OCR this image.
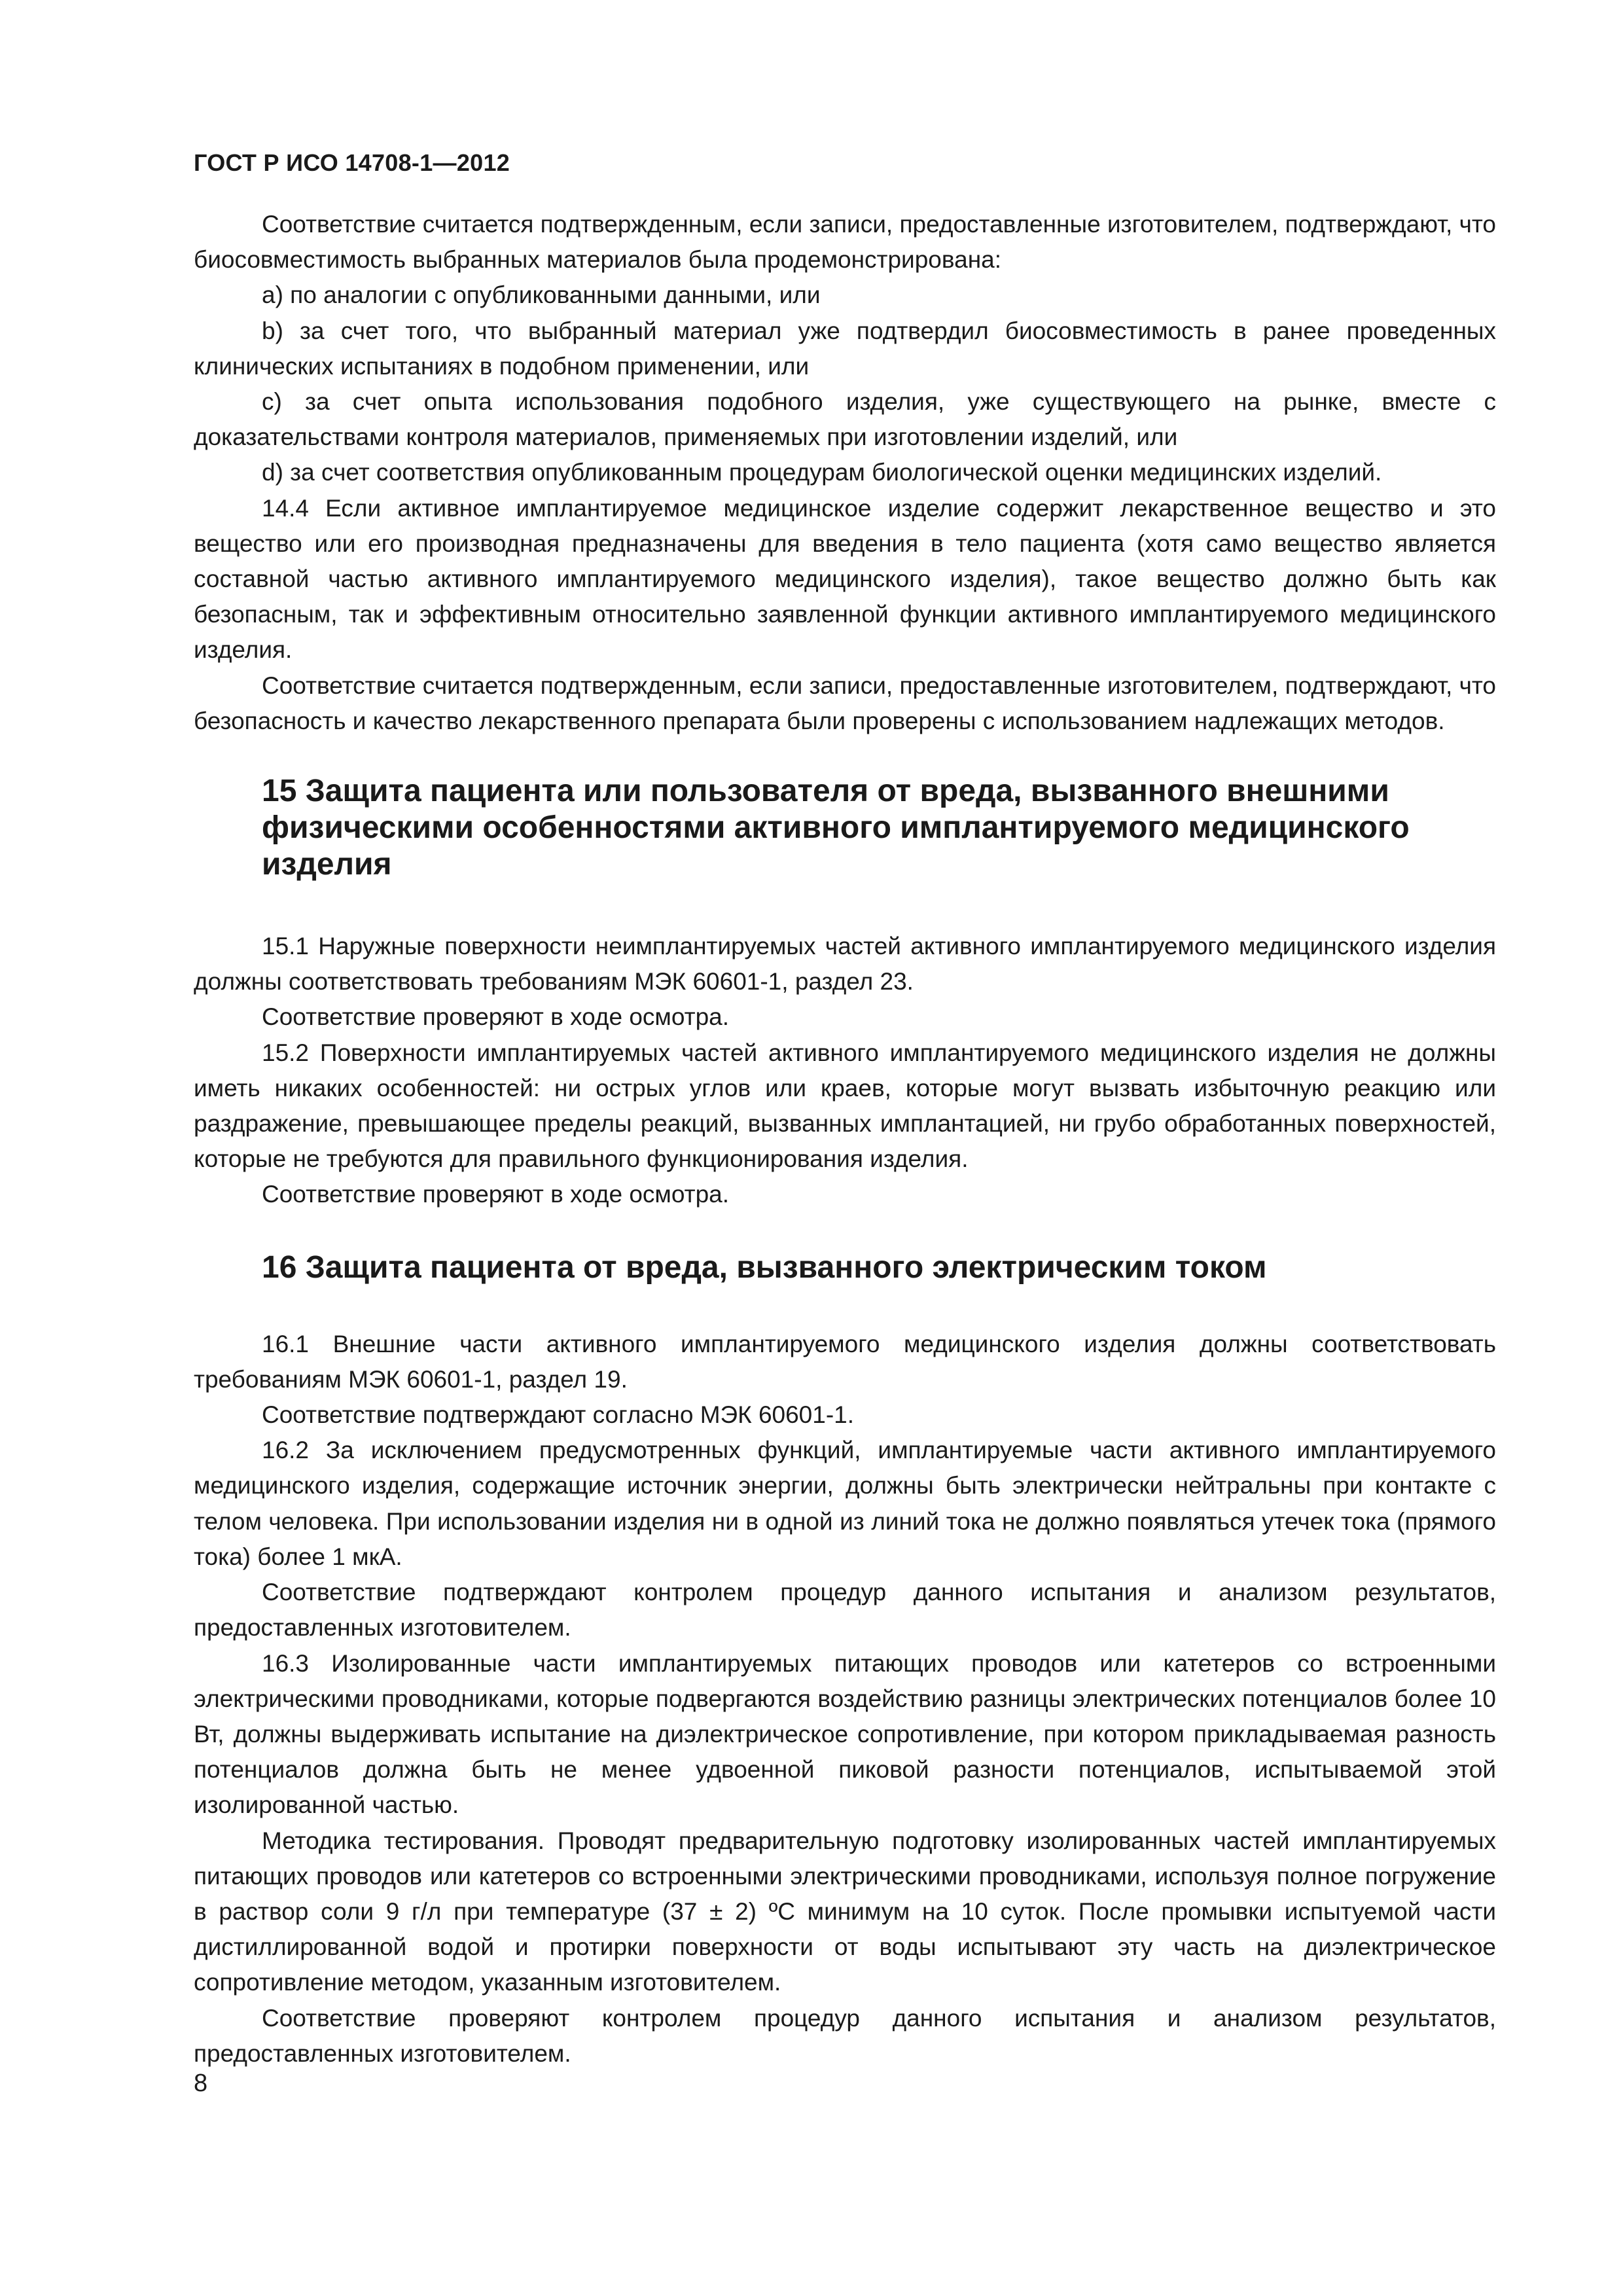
ГОСТ Р ИСО 14708-1—2012

Соответствие считается подтвержденным, если записи, предоставленные изготовителем, подтверждают, что биосовместимость выбранных материалов была продемонстрирована:

a) по аналогии с опубликованными данными, или

b) за счет того, что выбранный материал уже подтвердил биосовместимость в ранее проведенных клинических испытаниях в подобном применении, или

c) за счет опыта использования подобного изделия, уже существующего на рынке, вместе с доказательствами контроля материалов, применяемых при изготовлении изделий, или

d) за счет соответствия опубликованным процедурам биологической оценки медицинских изделий.

14.4 Если активное имплантируемое медицинское изделие содержит лекарственное вещество и это вещество или его производная предназначены для введения в тело пациента (хотя само вещество является составной частью активного имплантируемого медицинского изделия), такое вещество должно быть как безопасным, так и эффективным относительно заявленной функции активного имплантируемого медицинского изделия.

Соответствие считается подтвержденным, если записи, предоставленные изготовителем, подтверждают, что безопасность и качество лекарственного препарата были проверены с использованием надлежащих методов.

15 Защита пациента или пользователя от вреда, вызванного внешними физическими особенностями активного имплантируемого медицинского изделия

15.1 Наружные поверхности неимплантируемых частей активного имплантируемого медицинского изделия должны соответствовать требованиям МЭК 60601-1, раздел 23.

Соответствие проверяют в ходе осмотра.

15.2 Поверхности имплантируемых частей активного имплантируемого медицинского изделия не должны иметь никаких особенностей: ни острых углов или краев, которые могут вызвать избыточную реакцию или раздражение, превышающее пределы реакций, вызванных имплантацией, ни грубо обработанных поверхностей, которые не требуются для правильного функционирования изделия.

Соответствие проверяют в ходе осмотра.

16 Защита пациента от вреда, вызванного электрическим током

16.1 Внешние части активного имплантируемого медицинского изделия должны соответствовать требованиям МЭК 60601-1, раздел 19.

Соответствие подтверждают согласно МЭК 60601-1.

16.2 За исключением предусмотренных функций, имплантируемые части активного имплантируемого медицинского изделия, содержащие источник энергии, должны быть электрически нейтральны при контакте с телом человека. При использовании изделия ни в одной из линий тока не должно появляться утечек тока (прямого тока) более 1 мкА.

Соответствие подтверждают контролем процедур данного испытания и анализом результатов, предоставленных изготовителем.

16.3 Изолированные части имплантируемых питающих проводов или катетеров со встроенными электрическими проводниками, которые подвергаются воздействию разницы электрических потенциалов более 10 Вт, должны выдерживать испытание на диэлектрическое сопротивление, при котором прикладываемая разность потенциалов должна быть не менее удвоенной пиковой разности потенциалов, испытываемой этой изолированной частью.

Методика тестирования. Проводят предварительную подготовку изолированных частей имплантируемых питающих проводов или катетеров со встроенными электрическими проводниками, используя полное погружение в раствор соли 9 г/л при температуре (37 ± 2) ºC минимум на 10 суток. После промывки испытуемой части дистиллированной водой и протирки поверхности от воды испытывают эту часть на диэлектрическое сопротивление методом, указанным изготовителем.

Соответствие проверяют контролем процедур данного испытания и анализом результатов, предоставленных изготовителем.

8
